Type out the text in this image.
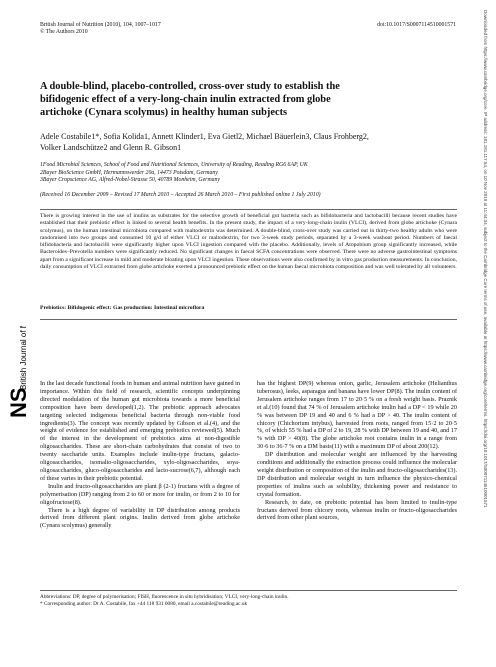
British Journal of Nutrition (2010), 104, 1007–1017
© The Authors 2010
doi:10.1017/S0007114510001571
A double-blind, placebo-controlled, cross-over study to establish the
bifidogenic effect of a very-long-chain inulin extracted from globe
artichoke (Cynara scolymus) in healthy human subjects
Adele Costabile1*, Sofia Kolida1, Annett Klinder1, Eva Gietl2, Michael Bäuerlein3, Claus Frohberg2,
Volker Landschütze2 and Glenn R. Gibson1
1Food Microbial Sciences, School of Food and Nutritional Sciences, University of Reading, Reading RG6 6AP, UK
2Bayer BioScience GmbH, Hermannswerder 20a, 14473 Potsdam, Germany
3Bayer Cropscience AG, Alfred-Nobel-Strasse 50, 40789 Monheim, Germany
(Received 16 December 2009 – Revised 17 March 2010 – Accepted 26 March 2010 – First published online 1 July 2010)
There is growing interest in the use of inulins as substrates for the selective growth of beneficial gut bacteria such as bifidobacteria and lactobacilli because recent studies have established that their prebiotic effect is linked to several health benefits. In the present study, the impact of a very-long-chain inulin (VLCI), derived from globe artichoke (Cynara scolymus), on the human intestinal microbiota compared with maltodextrin was determined. A double-blind, cross-over study was carried out in thirty-two healthy adults who were randomised into two groups and consumed 10 g/d of either VLCI or maltodextrin, for two 3-week study periods, separated by a 3-week washout period. Numbers of faecal bifidobacteria and lactobacilli were significantly higher upon VLCI ingestion compared with the placebo. Additionally, levels of Atopobium group significantly increased, while Bacteroides–Prevotella numbers were significantly reduced. No significant changes in faecal SCFA concentrations were observed. There were no adverse gastrointestinal symptoms apart from a significant increase in mild and moderate bloating upon VLCI ingestion. These observations were also confirmed by in vitro gas production measurements. In conclusion, daily consumption of VLCI extracted from globe artichoke exerted a pronounced prebiotic effect on the human faecal microbiota composition and was well tolerated by all volunteers.
Prebiotics: Bifidogenic effect: Gas production: Intestinal microflora
NS
British Journal of Nutrition In the last decade functional foods in human and animal nutrition have gained in importance. Within this field of research, scientific concepts underpinning directed modulation of the human gut microbiota towards a more beneficial composition have been developed(1,2). The prebiotic approach advocates targeting selected indigenous beneficial bacteria through non-viable food ingredients(3). The concept was recently updated by Gibson et al.(4), and the weight of evidence for established and emerging prebiotics reviewed(5). Much of the interest in the development of prebiotics aims at non-digestible oligosaccharides. These are short-chain carbohydrates that consist of two to twenty saccharide units. Examples include inulin-type fructans, galacto-oligosaccharides, isomalto-oligosaccharides, xylo-oligosaccharides, soya-oligosaccharides, gluco-oligosaccharides and lacto-sucrose(6,7), although each of these varies in their prebiotic potential.

Inulin and fructo-oligosaccharides are plant β (2-1) fructans with a degree of polymerisation (DP) ranging from 2 to 60 or more for inulin, or from 2 to 10 for oligofructose(8).

There is a high degree of variability in DP distribution among products derived from different plant origins. Inulin derived from globe artichoke (Cynara scolymus) generally

has the highest DP(9) whereas onion, garlic, Jerusalem artichoke (Helianthus tuberosus), leeks, asparagus and banana have lower DP(8). The inulin content of Jerusalem artichoke ranges from 17 to 20·5 % on a fresh weight basis. Praznik et al.(10) found that 74 % of Jerusalem artichoke inulin had a DP < 19 while 20 % was between DP 19 and 40 and 6 % had a DP > 40. The inulin content of chicory (Chichorium intybus), harvested from roots, ranged from 15·2 to 20·5 %, of which 55 % had a DP of 2 to 19, 28 % with DP between 19 and 40, and 17 % with DP > 40(8). The globe artichoke root contains inulin in a range from 30·6 to 36·7 % on a DM basis(11) with a maximum DP of about 200(12).

DP distribution and molecular weight are influenced by the harvesting conditions and additionally the extraction process could influence the molecular weight distribution or composition of the inulin and fructo-oligosaccharides(13). DP distribution and molecular weight in turn influence the physico-chemical properties of inulins such as solubility, thickening power and resistance to crystal formation.

Research, to date, on prebiotic potential has been limited to inulin-type fructans derived from chicory roots, whereas inulin or fructo-oligosaccharides derived from other plant sources,

Abbreviations: DP, degree of polymerisation; FISH, fluorescence in situ hybridisation; VLCI, very-long-chain inulin.
* Corresponding author: Dr A. Costabile, fax +44 118 931 0080, email a.costabile@reading.ac.uk
Downloaded from https://www.cambridge.org/core. IP address: 181.181.117.54, on 10 Nov 2019 at 11:44:34, subject to the Cambridge Core terms of use, available at https://www.cambridge.org/core/terms. https://doi.org/10.1017/S0007114510001571
